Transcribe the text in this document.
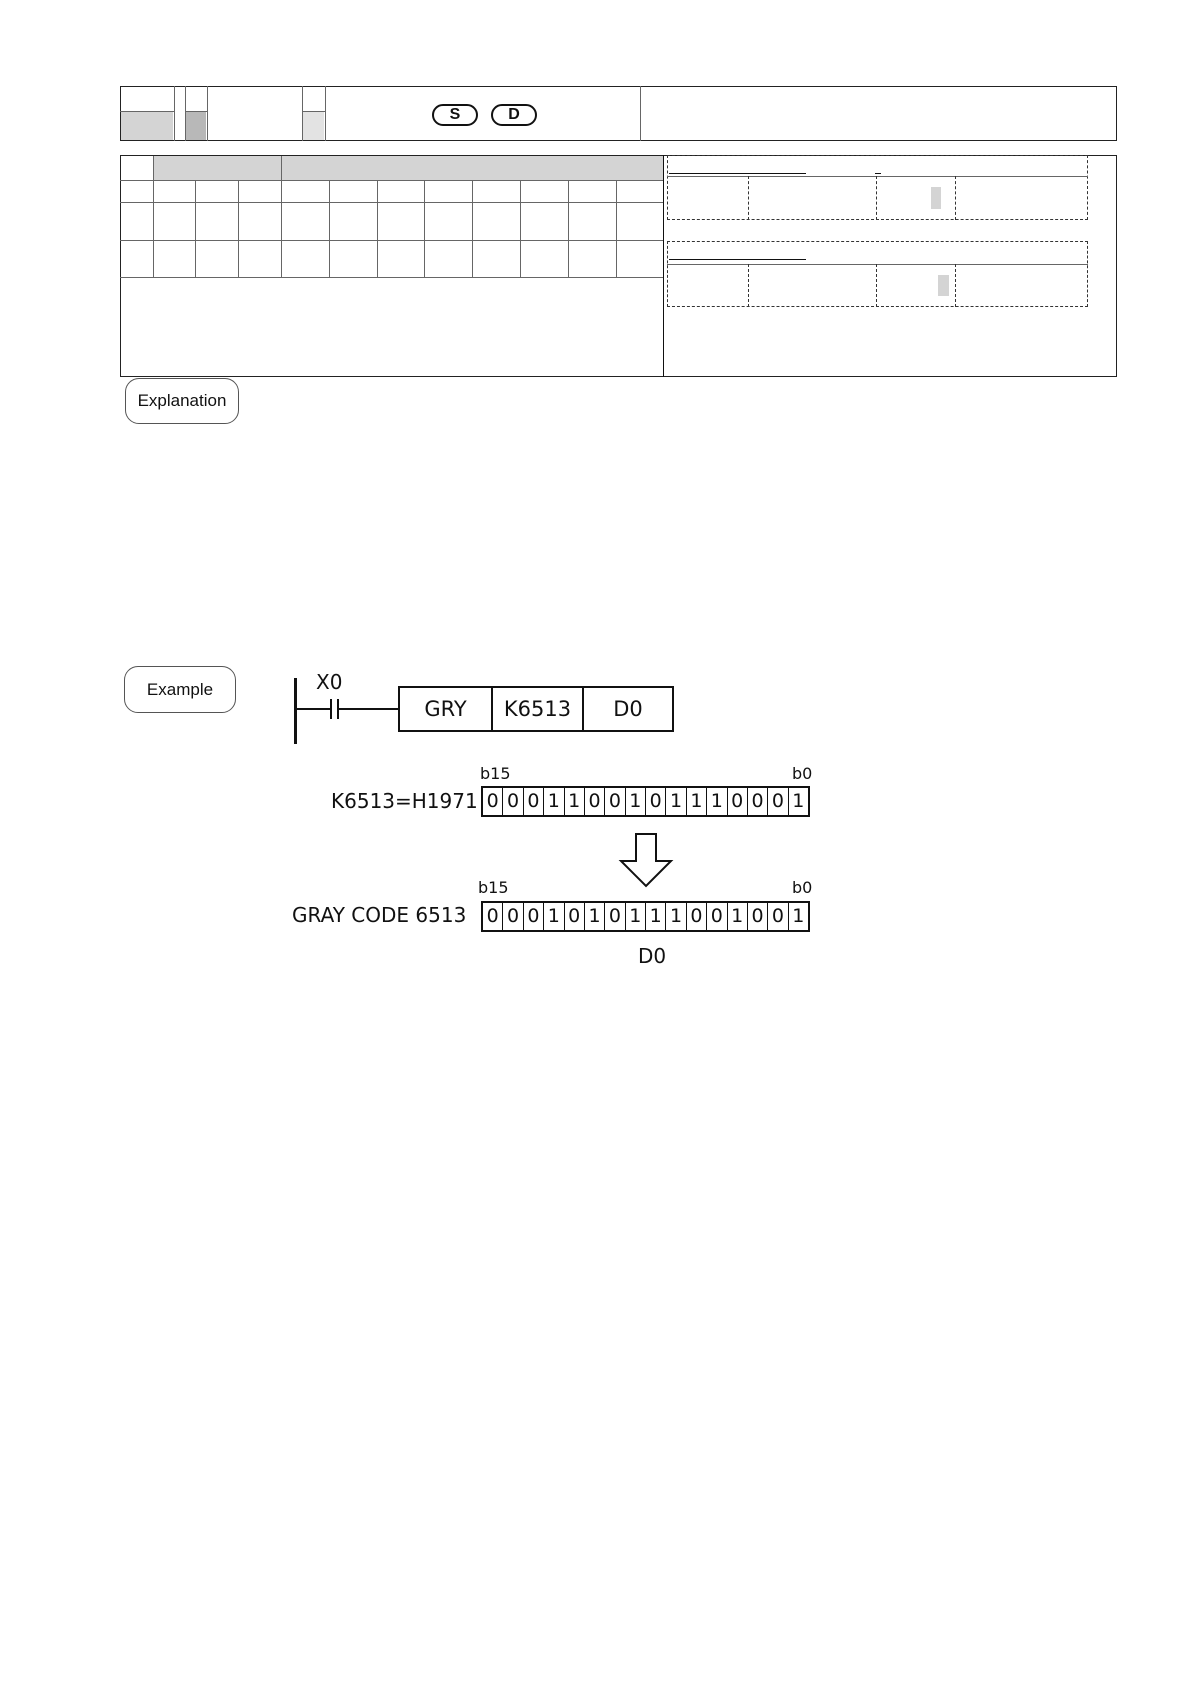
S	D
Explanation
Example	X0
GRY	K6513	D0
b15	b0
K6513=H1971 0 0 0 1 1 0 0 1 0 1 1 1 0 0 0 1
b15	b0
GRAY CODE 6513 0 0 0 1 0 1 0 1 1 1 0 0 1 0 0 1
D0
